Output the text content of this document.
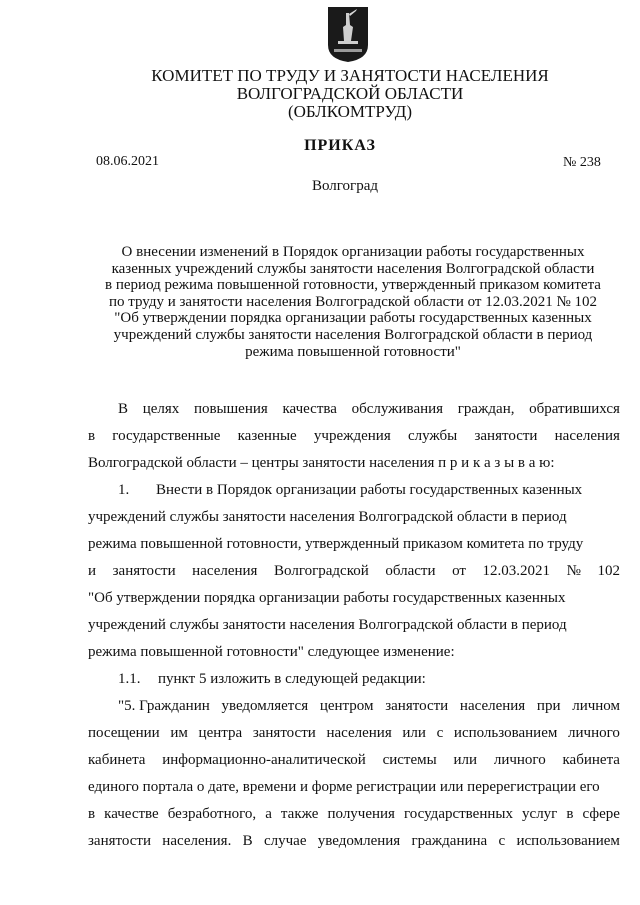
КОМИТЕТ ПО ТРУДУ И ЗАНЯТОСТИ НАСЕЛЕНИЯ
ВОЛГОГРАДСКОЙ ОБЛАСТИ
(ОБЛКОМТРУД)
ПРИКАЗ
08.06.2021	№ 238
Волгоград
О внесении изменений в Порядок организации работы государственных
казенных учреждений службы занятости населения Волгоградской области
в период режима повышенной готовности, утвержденный приказом комитета
по труду и занятости населения Волгоградской области от 12.03.2021 № 102
"Об утверждении порядка организации работы государственных казенных
учреждений службы занятости населения Волгоградской области в период
режима повышенной готовности"
В целях повышения качества обслуживания граждан, обратившихся
в государственные казенные учреждения службы занятости населения
Волгоградской области – центры занятости населения п р и к а з ы в а ю:
1.	Внести в Порядок организации работы государственных казенных
учреждений службы занятости населения Волгоградской области в период
режима повышенной готовности, утвержденный приказом комитета по труду
и занятости населения Волгоградской области от 12.03.2021 № 102
"Об утверждении порядка организации работы государственных казенных
учреждений службы занятости населения Волгоградской области в период
режима повышенной готовности" следующее изменение:
1.1.	пункт 5 изложить в следующей редакции:
"5. Гражданин уведомляется центром занятости населения при личном
посещении им центра занятости населения или с использованием личного
кабинета информационно-аналитической системы или личного кабинета
единого портала о дате, времени и форме регистрации или перерегистрации его
в качестве безработного, а также получения государственных услуг в сфере
занятости населения. В случае уведомления гражданина с использованием
